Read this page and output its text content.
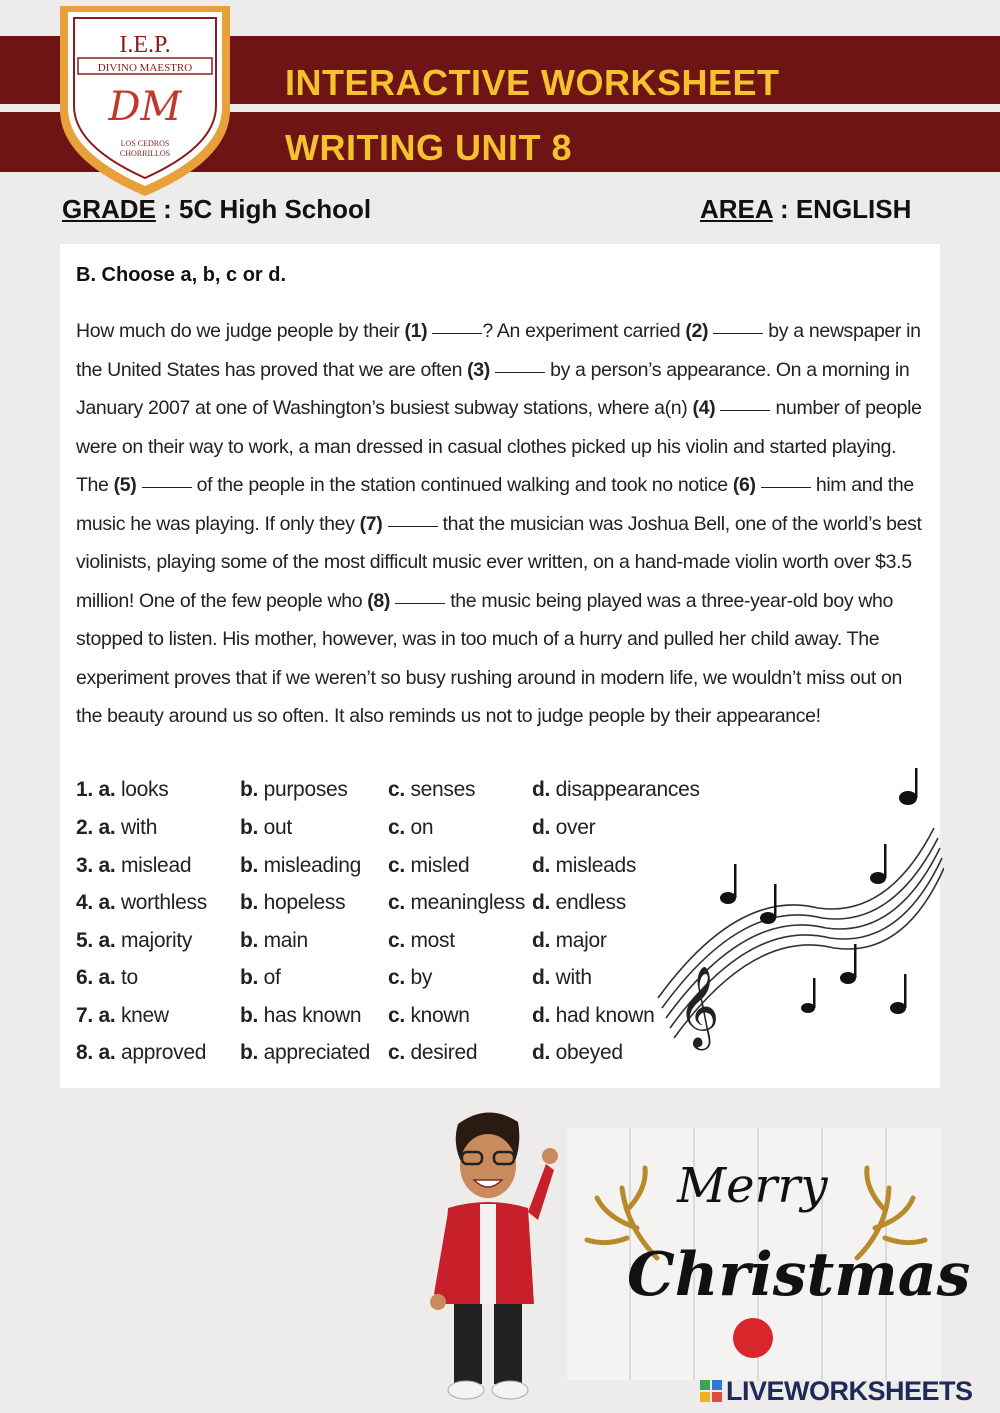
INTERACTIVE WORKSHEET
WRITING UNIT 8
I.E.P.
DIVINO MAESTRO
DM
LOS CEDROS
CHORRILLOS
GRADE : 5C High School	AREA : ENGLISH
B. Choose a, b, c or d.
How much do we judge people by their (1)	? An experiment carried (2)	by a newspaper in the United States has proved that we are often (3)	by a person’s appearance. On a morning in January 2007 at one of Washington’s busiest subway stations, where a(n) (4)	number of people were on their way to work, a man dressed in casual clothes picked up his violin and started playing. The (5)	of the people in the station continued walking and took no notice (6)	him and the music he was playing. If only they (7)	that the musician was Joshua Bell, one of the world’s best violinists, playing some of the most difficult music ever written, on a hand-made violin worth over $3.5 million! One of the few people who (8)	the music being played was a three-year-old boy who stopped to listen. His mother, however, was in too much of a hurry and pulled her child away. The experiment proves that if we weren’t so busy rushing around in modern life, we wouldn’t miss out on the beauty around us so often. It also reminds us not to judge people by their appearance!
1. a. looks	b. purposes c. senses	d. disappearances
2. a. with	b. out	c. on	d. over
3. a. mislead b. misleading c. misled	d. misleads
4. a. worthless b. hopeless c. meaningless d. endless
5. a. majority b. main	c. most	d. major
6. a. to	b. of	c. by	d. with
7. a. knew	b. has known c. known	d. had known
8. a. approved b. appreciated c. desired	d. obeyed
𝄞
Merry
Christmas
LIVEWORKSHEETS
